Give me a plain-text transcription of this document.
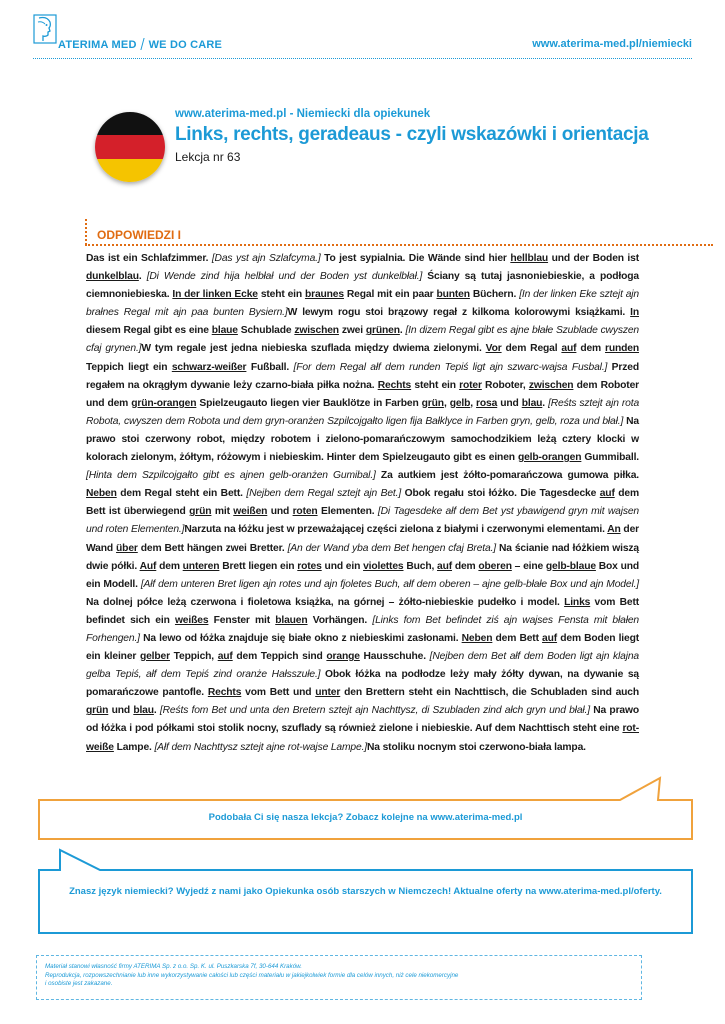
ATERIMA MED WE DO CARE	www.aterima-med.pl/niemiecki
www.aterima-med.pl - Niemiecki dla opiekunek
Links, rechts, geradeaus - czyli wskazówki i orientacja
Lekcja nr 63
ODPOWIEDZI I
Das ist ein Schlafzimmer. [Das yst ajn Szlafcyma.] To jest sypialnia. Die Wände sind hier hellblau und der Boden ist dunkelblau. [Di Wende zind hija helbłał und der Boden yst dunkelbłał.] Ściany są tutaj jasnoniebieskie, a podłoga ciemnoniebieska. In der linken Ecke steht ein braunes Regal mit ein paar bunten Büchern. [In der linken Eke sztejt ajn brałnes Regal mit ajn paa bunten Bysiern.]W lewym rogu stoi brązowy regał z kilkoma kolorowymi książkami. In diesem Regal gibt es eine blaue Schublade zwischen zwei grünen. [In dizem Regal gibt es ajne błałe Szublade cwyszen cfaj grynen.]W tym regale jest jedna niebieska szuflada między dwiema zielonymi. Vor dem Regal auf dem runden Teppich liegt ein schwarz-weißer Fußball. [For dem Regal ałf dem runden Tepiś ligt ajn szwarc-wajsa Fusbal.] Przed regałem na okrągłym dywanie leży czarno-biała piłka nożna. Rechts steht ein roter Roboter, zwischen dem Roboter und dem grün-orangen Spielzeugauto liegen vier Bauklötze in Farben grün, gelb, rosa und blau. [Reśts sztejt ajn rota Robota, cwyszen dem Robota und dem gryn-oranżen Szpilcojgałto ligen fija Bałklyce in Farben gryn, gelb, roza und błał.] Na prawo stoi czerwony robot, między robotem i zielono-pomarańczowym samochodzikiem leżą cztery klocki w kolorach zielonym, żółtym, różowym i niebieskim. Hinter dem Spielzeugauto gibt es einen gelb-orangen Gummiball. [Hinta dem Szpilcojgałto gibt es ajnen gelb-oranżen Gumibal.] Za autkiem jest żółto-pomarańczowa gumowa piłka. Neben dem Regal steht ein Bett. [Nejben dem Regal sztejt ajn Bet.] Obok regału stoi łóżko. Die Tagesdecke auf dem Bett ist überwiegend grün mit weißen und roten Elementen. [Di Tagesdeke ałf dem Bet yst ybawigend gryn mit wajsen und roten Elementen.]Narzuta na łóżku jest w przeważającej części zielona z białymi i czerwonymi elementami. An der Wand über dem Bett hängen zwei Bretter. [An der Wand yba dem Bet hengen cfaj Breta.] Na ścianie nad łóżkiem wiszą dwie półki. Auf dem unteren Brett liegen ein rotes und ein violettes Buch, auf dem oberen – eine gelb-blaue Box und ein Modell. [Ałf dem unteren Bret ligen ajn rotes und ajn fjoletes Buch, ałf dem oberen – ajne gelb-błałe Box und ajn Model.] Na dolnej półce leżą czerwona i fioletowa książka, na górnej – żółto-niebieskie pudełko i model. Links vom Bett befindet sich ein weißes Fenster mit blauen Vorhängen. [Links fom Bet befindet ziś ajn wajses Fensta mit błałen Forhengen.] Na lewo od łóżka znajduje się białe okno z niebieskimi zasłonami. Neben dem Bett auf dem Boden liegt ein kleiner gelber Teppich, auf dem Teppich sind orange Hausschuhe. [Nejben dem Bet ałf dem Boden ligt ajn klajna gelba Tepiś, ałf dem Tepiś zind oranże Hałsszułe.] Obok łóżka na podłodze leży mały żółty dywan, na dywanie są pomarańczowe pantofle. Rechts vom Bett und unter den Brettern steht ein Nachttisch, die Schubladen sind auch grün und blau. [Reśts fom Bet und unta den Bretern sztejt ajn Nachttysz, di Szubladen zind ałch gryn und błał.] Na prawo od łóżka i pod półkami stoi stolik nocny, szuflady są również zielone i niebieskie. Auf dem Nachttisch steht eine rot-weiße Lampe. [Ałf dem Nachttysz sztejt ajne rot-wajse Lampe.]Na stoliku nocnym stoi czerwono-biała lampa.
Podobała Ci się nasza lekcja? Zobacz kolejne na www.aterima-med.pl
Znasz język niemiecki? Wyjedź z nami jako Opiekunka osób starszych w Niemczech! Aktualne oferty na www.aterima-med.pl/oferty.
Materiał stanowi własność firmy ATERIMA Sp. z o.o. Sp. K. ul. Puszkarska 7f, 30-644 Kraków.
Reprodukcja, rozpowszechnianie lub inne wykorzystywanie całości lub części materiału w jakiejkolwiek formie dla celów innych, niż cele niekomercyjne
i osobiste jest zakazane.
